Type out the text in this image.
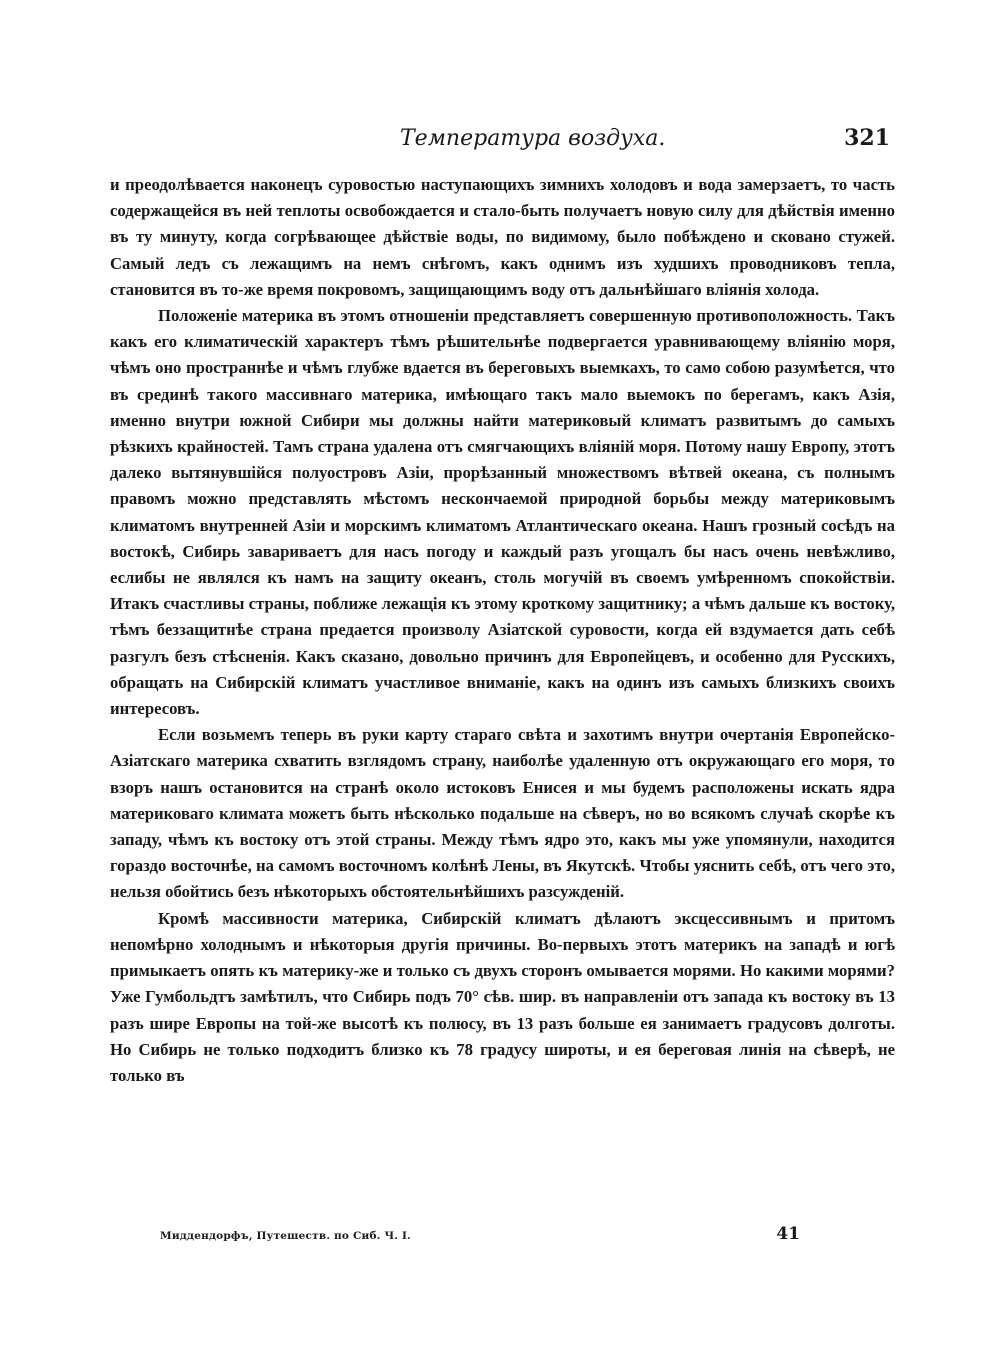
Температура воздуха.	321

и преодолѣвается наконецъ суровостью наступающихъ зимнихъ холодовъ и вода замерзаетъ, то часть содержащейся въ ней теплоты освобождается и стало-быть получаетъ новую силу для дѣйствія именно въ ту минуту, когда согрѣвающее дѣйствіе воды, по видимому, было побѣждено и сковано стужей. Самый ледъ съ лежащимъ на немъ снѣгомъ, какъ однимъ изъ худшихъ проводниковъ тепла, становится въ то-же время покровомъ, защищающимъ воду отъ дальнѣйшаго вліянія холода.

Положеніе материка въ этомъ отношеніи представляетъ совершенную противоположность. Такъ какъ его климатическій характеръ тѣмъ рѣшительнѣе подвергается уравнивающему вліянію моря, чѣмъ оно пространнѣе и чѣмъ глубже вдается въ береговыхъ выемкахъ, то само собою разумѣется, что въ срединѣ такого массивнаго материка, имѣющаго такъ мало выемокъ по берегамъ, какъ Азія, именно внутри южной Сибири мы должны найти материковый климатъ развитымъ до самыхъ рѣзкихъ крайностей. Тамъ страна удалена отъ смягчающихъ вліяній моря. Потому нашу Европу, этотъ далеко вытянувшійся полуостровъ Азіи, прорѣзанный множествомъ вѣтвей океана, съ полнымъ правомъ можно представлять мѣстомъ нескончаемой природной борьбы между материковымъ климатомъ внутренней Азіи и морскимъ климатомъ Атлантическаго океана. Нашъ грозный сосѣдъ на востокѣ, Сибирь завариваетъ для насъ погоду и каждый разъ угощалъ бы насъ очень невѣжливо, еслибы не являлся къ намъ на защиту океанъ, столь могучій въ своемъ умѣренномъ спокойствіи. Итакъ счастливы страны, поближе лежащія къ этому кроткому защитнику; а чѣмъ дальше къ востоку, тѣмъ беззащитнѣе страна предается произволу Азіатской суровости, когда ей вздумается дать себѣ разгулъ безъ стѣсненія. Какъ сказано, довольно причинъ для Европейцевъ, и особенно для Русскихъ, обращать на Сибирскій климатъ участливое вниманіе, какъ на одинъ изъ самыхъ близкихъ своихъ интересовъ.

Если возьмемъ теперь въ руки карту стараго свѣта и захотимъ внутри очертанія Европейско-Азіатскаго материка схватить взглядомъ страну, наиболѣе удаленную отъ окружающаго его моря, то взоръ нашъ остановится на странѣ около истоковъ Енисея и мы будемъ расположены искать ядра материковаго климата можетъ быть нѣсколько подальше на сѣверъ, но во всякомъ случаѣ скорѣе къ западу, чѣмъ къ востоку отъ этой страны. Между тѣмъ ядро это, какъ мы уже упомянули, находится гораздо восточнѣе, на самомъ восточномъ колѣнѣ Лены, въ Якутскѣ. Чтобы уяснить себѣ, отъ чего это, нельзя обойтись безъ нѣкоторыхъ обстоятельнѣйшихъ разсужденій.

Кромѣ массивности материка, Сибирскій климатъ дѣлаютъ эксцессивнымъ и притомъ непомѣрно холоднымъ и нѣкоторыя другія причины. Во-первыхъ этотъ материкъ на западѣ и югѣ примыкаетъ опять къ материку-же и только съ двухъ сторонъ омывается морями. Но какими морями? Уже Гумбольдтъ замѣтилъ, что Сибирь подъ 70° сѣв. шир. въ направленіи отъ запада къ востоку въ 13 разъ шире Европы на той-же высотѣ къ полюсу, въ 13 разъ больше ея занимаетъ градусовъ долготы. Но Сибирь не только подходитъ близко къ 78 градусу широты, и ея береговая линія на сѣверѣ, не только въ

Миддендорфъ, Путешеств. по Сиб. Ч. I.	41
